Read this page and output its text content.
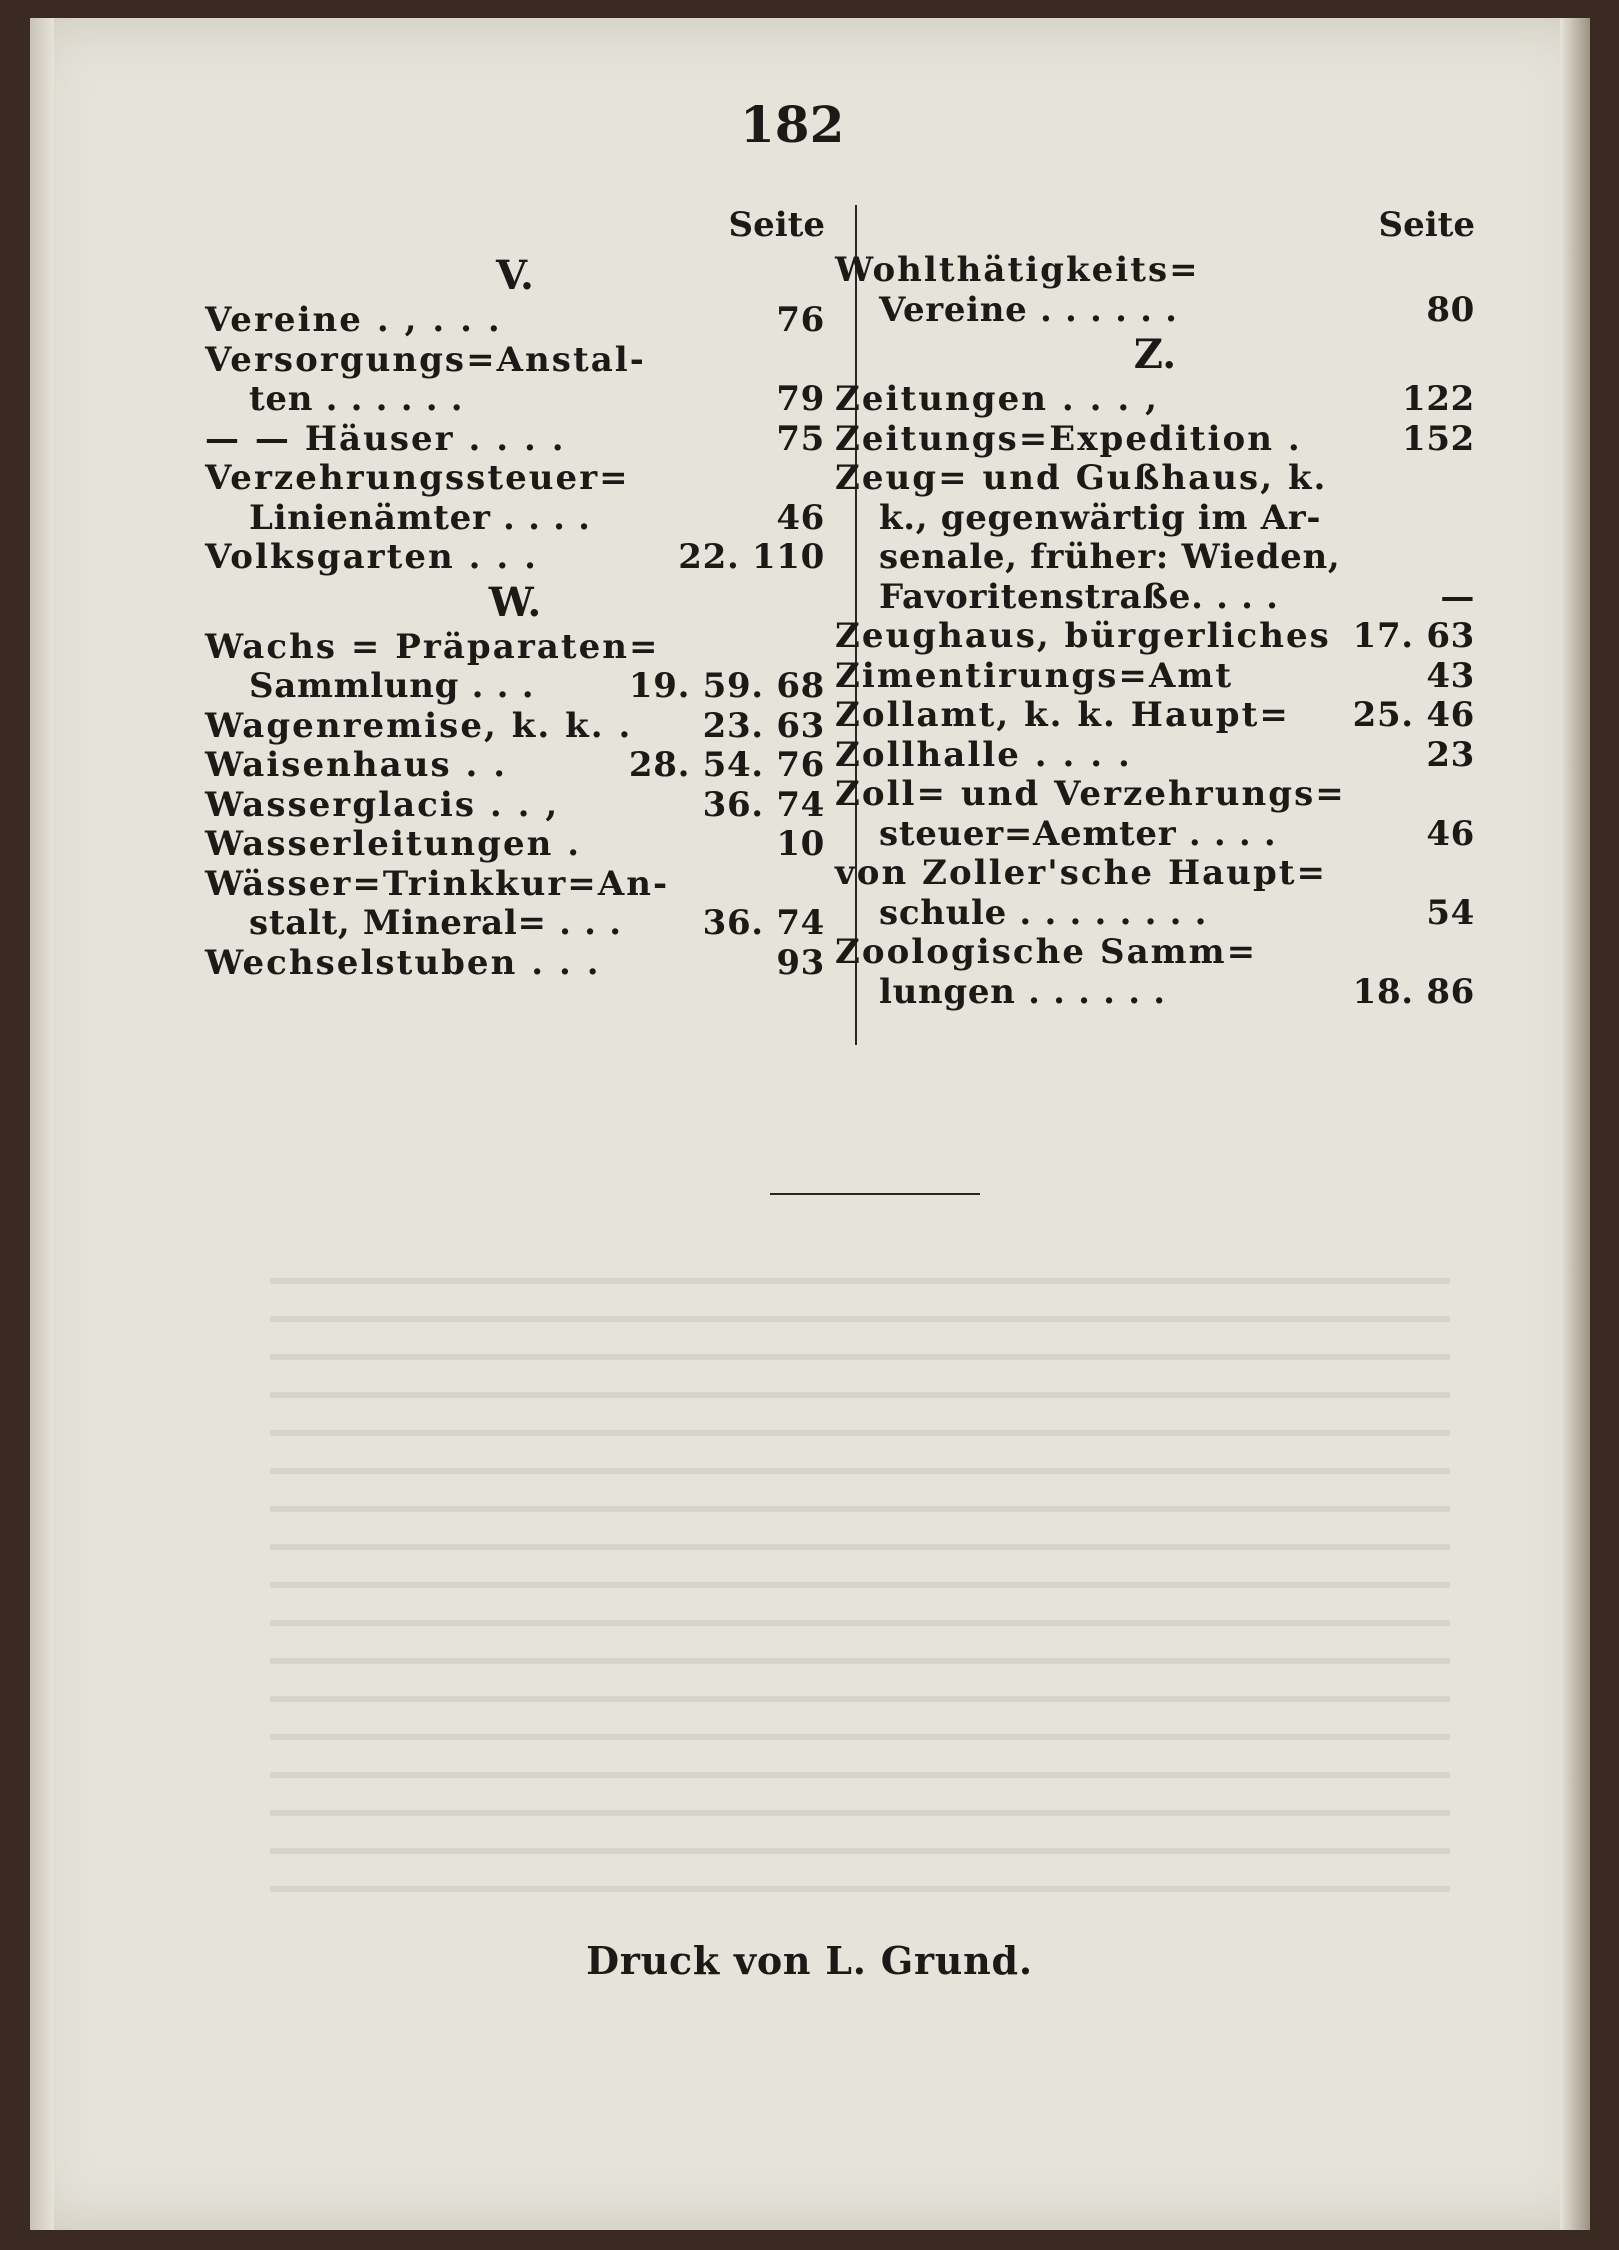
182
Seite
V.
Vereine . , . . .	76
Versorgungs=Anstal-
ten . . . . . .	79
— — Häuser . . . .	75
Verzehrungssteuer=
Linienämter . . . .	46
Volksgarten . . .	22. 110
W.
Wachs = Präparaten=
Sammlung . . .	19. 59. 68
Wagenremise, k. k. . 23. 63
Waisenhaus . .	28. 54. 76
Wasserglacis . . ,	36. 74
Wasserleitungen .	10
Wässer=Trinkkur=An-
stalt, Mineral= . . . 36. 74
Wechselstuben . . .	93
Seite
Wohlthätigkeits=
Vereine . . . . . .	80
Z.
Zeitungen . . . ,	122
Zeitungs=Expedition .	152
Zeug= und Gußhaus, k.
k., gegenwärtig im Ar-
senale, früher: Wieden,
Favoritenstraße. . . .	—
Zeughaus, bürgerliches 17. 63
Zimentirungs=Amt	43
Zollamt, k. k. Haupt= 25. 46
Zollhalle . . . .	23
Zoll= und Verzehrungs=
steuer=Aemter . . . .	46
von Zoller'sche Haupt=
schule . . . . . . . .	54
Zoologische Samm=
lungen . . . . . .	18. 86
Druck von L. Grund.
